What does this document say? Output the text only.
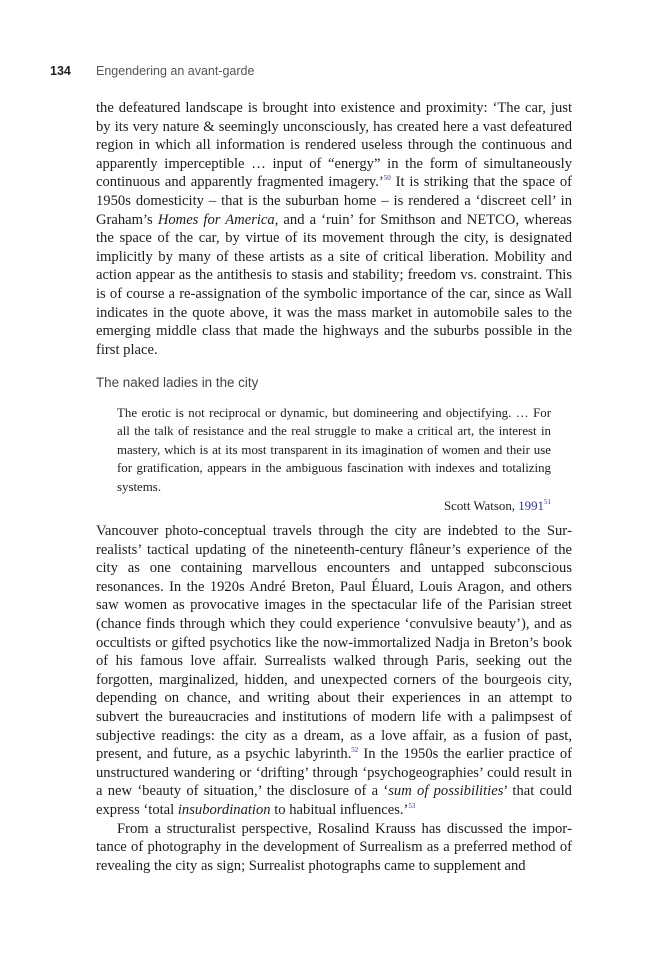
134 Engendering an avant-garde

the defeatured landscape is brought into existence and proximity: ‘The car, just by its very nature & seemingly unconsciously, has created here a vast defeatured region in which all information is rendered useless through the continuous and apparently imperceptible … input of “energy” in the form of simultaneously continuous and apparently fragmented imagery.’$^{50}$ It is striking that the space of 1950s domesticity – that is the suburban home – is rendered a ‘discreet cell’ in Graham’s Homes for America, and a ‘ruin’ for Smithson and NETCO, whereas the space of the car, by virtue of its movement through the city, is designated implicitly by many of these artists as a site of critical liberation. Mobility and action appear as the antithesis to stasis and stability; freedom vs. constraint. This is of course a re-assignation of the symbolic importance of the car, since as Wall indicates in the quote above, it was the mass market in automobile sales to the emerging middle class that made the highways and the suburbs possible in the first place.

The naked ladies in the city

The erotic is not reciprocal or dynamic, but domineering and objectifying. … For all the talk of resistance and the real struggle to make a critical art, the interest in mastery, which is at its most transparent in its imagination of women and their use for gratification, appears in the ambiguous fascination with indexes and totalizing systems.

Scott Watson, 1991$^{51}$

Vancouver photo-conceptual travels through the city are indebted to the Surrealists’ tactical updating of the nineteenth-century flâneur’s experience of the city as one containing marvellous encounters and untapped subconscious resonances. In the 1920s André Breton, Paul Éluard, Louis Aragon, and others saw women as provocative images in the spectacular life of the Parisian street (chance finds through which they could experience ‘convulsive beauty’), and as occultists or gifted psychotics like the now-immortalized Nadja in Breton’s book of his famous love affair. Surrealists walked through Paris, seeking out the forgotten, marginalized, hidden, and unexpected corners of the bourgeois city, depending on chance, and writing about their experiences in an attempt to subvert the bureaucracies and institutions of modern life with a palimpsest of subjective readings: the city as a dream, as a love affair, as a fusion of past, present, and future, as a psychic labyrinth.$^{52}$ In the 1950s the earlier practice of unstructured wandering or ‘drifting’ through ‘psychogeographies’ could result in a new ‘beauty of situation,’ the disclosure of a ‘sum of possibilities’ that could express ‘total insubordination to habitual influences.’$^{53}$

From a structuralist perspective, Rosalind Krauss has discussed the importance of photography in the development of Surrealism as a preferred method of revealing the city as sign; Surrealist photographs came to supplement and
